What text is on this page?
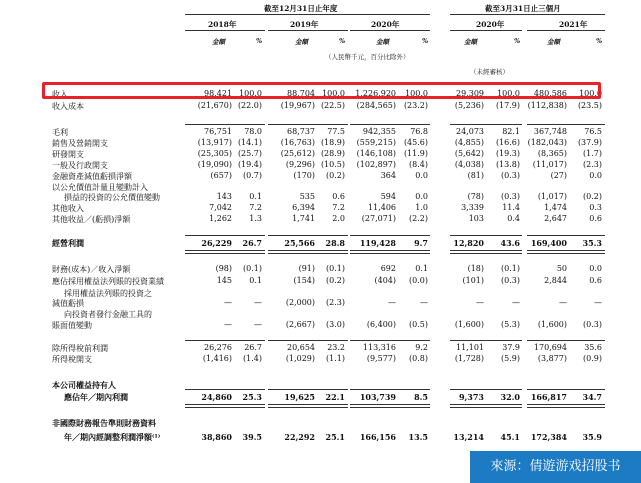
截至12月31日止年度	截至3月31日止三個月
2018年	2019年	2020年	2020年	2021年
金額	%	金額	%	金額	%	金額	%	金額	%
（人民幣千元，百分比除外）
（未經審核）
收入	98,421 100.0	88,704 100.0	1,226,920	100.0	29,309	100.0	480,586	100.0
收入成本	(21,670) (22.0)	(19,967) (22.5)	(284,565) (23.2)	(5,236)	(17.9) (112,838)	(23.5)
毛利	76,751	78.0	68,737	77.5	942,355	76.8	24,073	82.1	367,748	76.5
銷售及營銷開支	(13,917) (14.1)	(16,763) (18.9)	(559,215) (45.6)	(4,855)	(16.6) (182,043)	(37.9)
研發開支	(25,305) (25.7)	(25,612) (28.9)	(146,108) (11.9)	(5,642)	(19.3)	(8,365)	(1.7)
一般及行政開支	(19,090) (19.4)	(9,296) (10.5)	(102,897)	(8.4)	(4,038)	(13.8)	(11,017)	(2.3)
金融資產減值虧損淨額	(657)	(0.7)	(170)	(0.2)	364	0.0	(81)	(0.3)	(27)	0.0
以公允價值計量且變動計入
損益的投資的公允價值變動	143	0.1	535	0.6	594	0.0	(78)	(0.3)	(1,017)	(0.2)
其他收入	7,042	7.2	6,394	7.2	11,406	1.0	3,339	11.4	1,474	0.3
其他收益／(虧損)淨額	1,262	1.3	1,741	2.0	(27,071)	(2.2)	103	0.4	2,647	0.6
經營利潤	26,229	26.7	25,566	28.8	119,428	9.7	12,820	43.6	169,400	35.3
財務(成本)／收入淨額	(98)	(0.1)	(91)	(0.1)	692	0.1	(18)	(0.1)	50	0.0
應佔採用權益法列賬的投資業績	145	0.1	(154)	(0.2)	(404)	(0.0)	(101)	(0.3)	2,844	0.6
採用權益法列賬的投資之
減值虧損	—	—	(2,000)	(2.3)	—	—	—	—	—	—
向投資者發行金融工具的
賬面值變動	—	—	(2,667)	(3.0)	(6,400)	(0.5)	(1,600)	(5.3)	(1,600)	(0.3)
除所得稅前利潤	26,276	26.7	20,654	23.2	113,316	9.2	11,101	37.9	170,694	35.6
所得稅開支	(1,416)	(1.4)	(1,029)	(1.1)	(9,577)	(0.8)	(1,728)	(5.9)	(3,877)	(0.9)
本公司權益持有人
應佔年／期內利潤	24,860	25.3	19,625	22.1	103,739	8.5	9,373	32.0	166,817	34.7
非國際財務報告準則財務資料
年／期內經調整利潤淨額⁽¹⁾	38,860	39.5	22,292	25.1	166,156	13.5	13,214	45.1	172,384	35.9
來源：倩遊游戏招股书
